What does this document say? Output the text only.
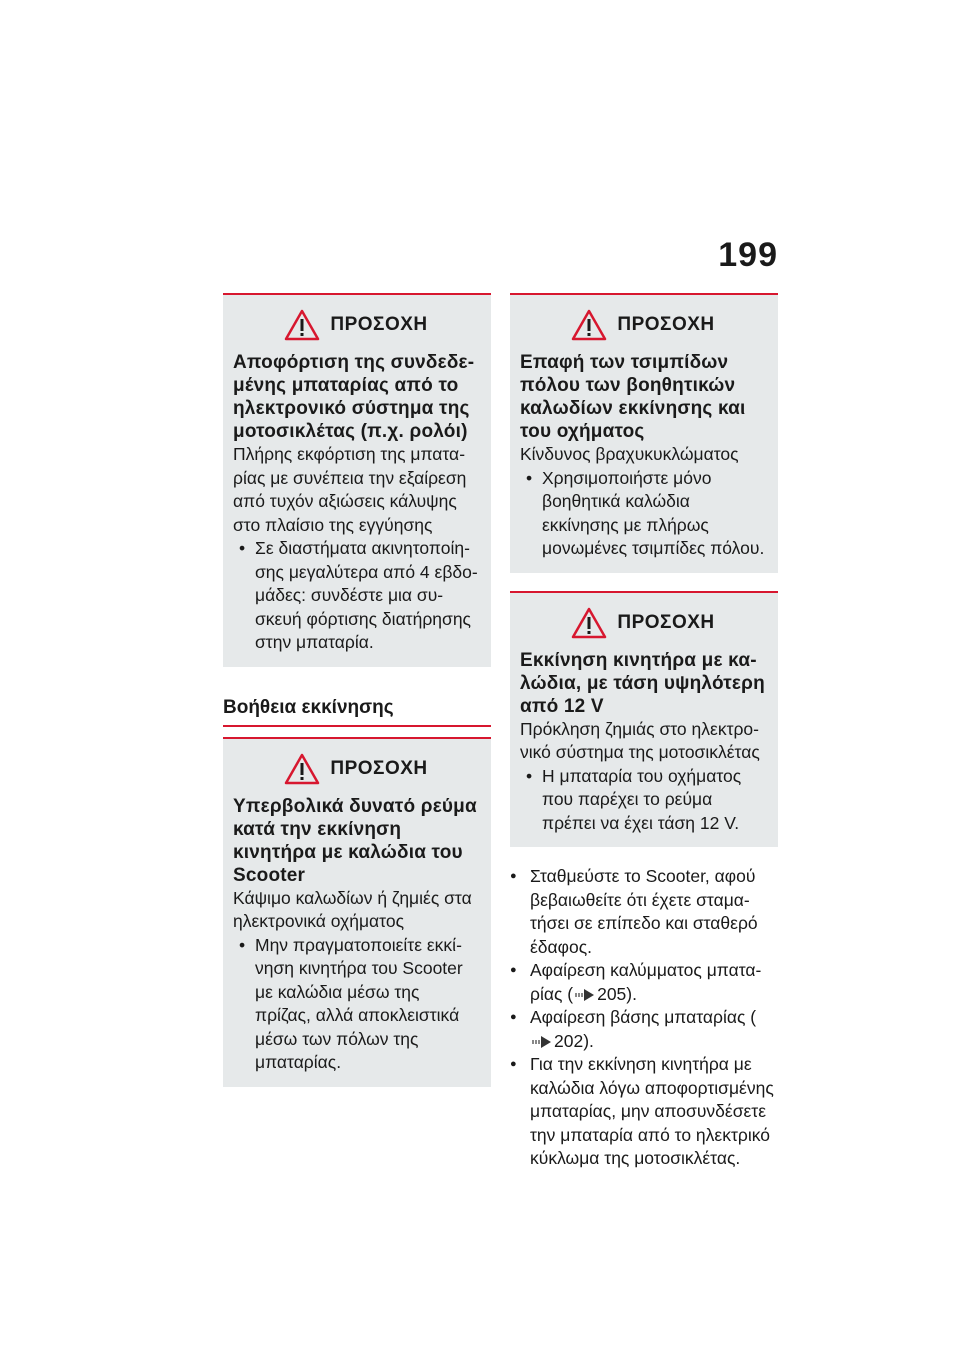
199
ΠΡΟΣΟΧΗ
Αποφόρτιση της συνδεδεμένης μπαταρίας από το ηλεκτρονικό σύστημα της μοτοσικλέτας (π.χ. ρολόι)
Πλήρης εκφόρτιση της μπαταρίας με συνέπεια την εξαίρεση από τυχόν αξιώσεις κάλυψης στο πλαίσιο της εγγύησης
• Σε διαστήματα ακινητοποίησης μεγαλύτερα από 4 εβδομάδες: συνδέστε μια συσκευή φόρτισης διατήρησης στην μπαταρία.
Βοήθεια εκκίνησης
ΠΡΟΣΟΧΗ
Υπερβολικά δυνατό ρεύμα κατά την εκκίνηση κινητήρα με καλώδια του Scooter
Κάψιμο καλωδίων ή ζημιές στα ηλεκτρονικά οχήματος
• Μην πραγματοποιείτε εκκίνηση κινητήρα του Scooter με καλώδια μέσω της πρίζας, αλλά αποκλειστικά μέσω των πόλων της μπαταρίας.
ΠΡΟΣΟΧΗ
Επαφή των τσιμπίδων πόλου των βοηθητικών καλωδίων εκκίνησης και του οχήματος
Κίνδυνος βραχυκυκλώματος
• Χρησιμοποιήστε μόνο βοηθητικά καλώδια εκκίνησης με πλήρως μονωμένες τσιμπίδες πόλου.
ΠΡΟΣΟΧΗ
Εκκίνηση κινητήρα με καλώδια, με τάση υψηλότερη από 12 V
Πρόκληση ζημιάς στο ηλεκτρονικό σύστημα της μοτοσικλέτας
• Η μπαταρία του οχήματος που παρέχει το ρεύμα πρέπει να έχει τάση 12 V.
● Σταθμεύστε το Scooter, αφού βεβαιωθείτε ότι έχετε σταματήσει σε επίπεδο και σταθερό έδαφος.
● Αφαίρεση καλύμματος μπαταρίας ( 205).
● Αφαίρεση βάσης μπαταρίας (202).
● Για την εκκίνηση κινητήρα με καλώδια λόγω αποφορτισμένης μπαταρίας, μην αποσυνδέσετε την μπαταρία από το ηλεκτρικό κύκλωμα της μοτοσικλέτας.
